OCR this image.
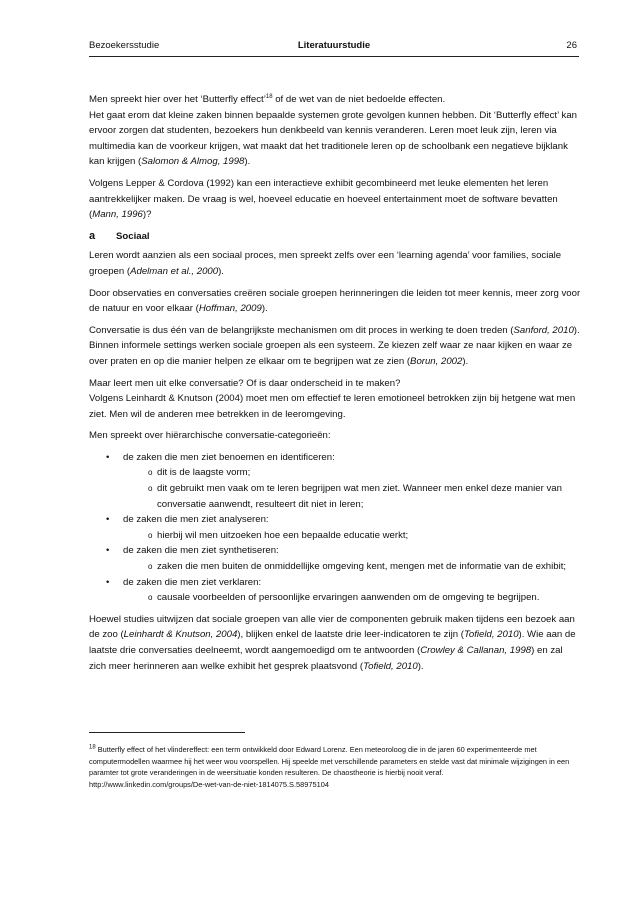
Bezoekersstudie	Literatuurstudie	26

Men spreekt hier over het ‘Butterfly effect’$^{18}$ of de wet van de niet bedoelde effecten.

Het gaat erom dat kleine zaken binnen bepaalde systemen grote gevolgen kunnen hebben. Dit ‘Butterfly effect’ kan ervoor zorgen dat studenten, bezoekers hun denkbeeld van kennis veranderen. Leren moet leuk zijn, leren via multimedia kan de voorkeur krijgen, wat maakt dat het traditionele leren op de schoolbank een negatieve bijklank kan krijgen (Salomon & Almog, 1998).

Volgens Lepper & Cordova (1992) kan een interactieve exhibit gecombineerd met leuke elementen het leren aantrekkelijker maken. De vraag is wel, hoeveel educatie en hoeveel entertainment moet de software bevatten (Mann, 1996)?

a	Sociaal

Leren wordt aanzien als een sociaal proces, men spreekt zelfs over een ‘learning agenda’ voor families, sociale groepen (Adelman et al., 2000).

Door observaties en conversaties creëren sociale groepen herinneringen die leiden tot meer kennis, meer zorg voor de natuur en voor elkaar (Hoffman, 2009).

Conversatie is dus één van de belangrijkste mechanismen om dit proces in werking te doen treden (Sanford, 2010). Binnen informele settings werken sociale groepen als een systeem. Ze kiezen zelf waar ze naar kijken en waar ze over praten en op die manier helpen ze elkaar om te begrijpen wat ze zien (Borun, 2002).

Maar leert men uit elke conversatie? Of is daar onderscheid in te maken?
Volgens Leinhardt & Knutson (2004) moet men om effectief te leren emotioneel betrokken zijn bij hetgene wat men ziet. Men wil de anderen mee betrekken in de leeromgeving.

Men spreekt over hiërarchische conversatie-categorieën:

• de zaken die men ziet benoemen en identificeren:
o dit is de laagste vorm;
o dit gebruikt men vaak om te leren begrijpen wat men ziet. Wanneer men enkel deze manier van conversatie aanwendt, resulteert dit niet in leren;
• de zaken die men ziet analyseren:
o hierbij wil men uitzoeken hoe een bepaalde educatie werkt;
• de zaken die men ziet synthetiseren:
o zaken die men buiten de onmiddellijke omgeving kent, mengen met de informatie van de exhibit;
• de zaken die men ziet verklaren:
o causale voorbeelden of persoonlijke ervaringen aanwenden om de omgeving te begrijpen.

Hoewel studies uitwijzen dat sociale groepen van alle vier de componenten gebruik maken tijdens een bezoek aan de zoo (Leinhardt & Knutson, 2004), blijken enkel de laatste drie leer-indicatoren te zijn (Tofield, 2010). Wie aan de laatste drie conversaties deelneemt, wordt aangemoedigd om te antwoorden (Crowley & Callanan, 1998) en zal zich meer herinneren aan welke exhibit het gesprek plaatsvond (Tofield, 2010).

$^{18}$ Butterfly effect of het vlindereffect: een term ontwikkeld door Edward Lorenz. Een meteoroloog die in de jaren 60 experimenteerde met computermodellen waarmee hij het weer wou voorspellen. Hij speelde met verschillende parameters en stelde vast dat minimale wijzigingen in een paramter tot grote veranderingen in de weersituatie konden resulteren. De chaostheorie is hierbij nooit veraf.

http://www.linkedin.com/groups/De-wet-van-de-niet-1814075.S.58975104
